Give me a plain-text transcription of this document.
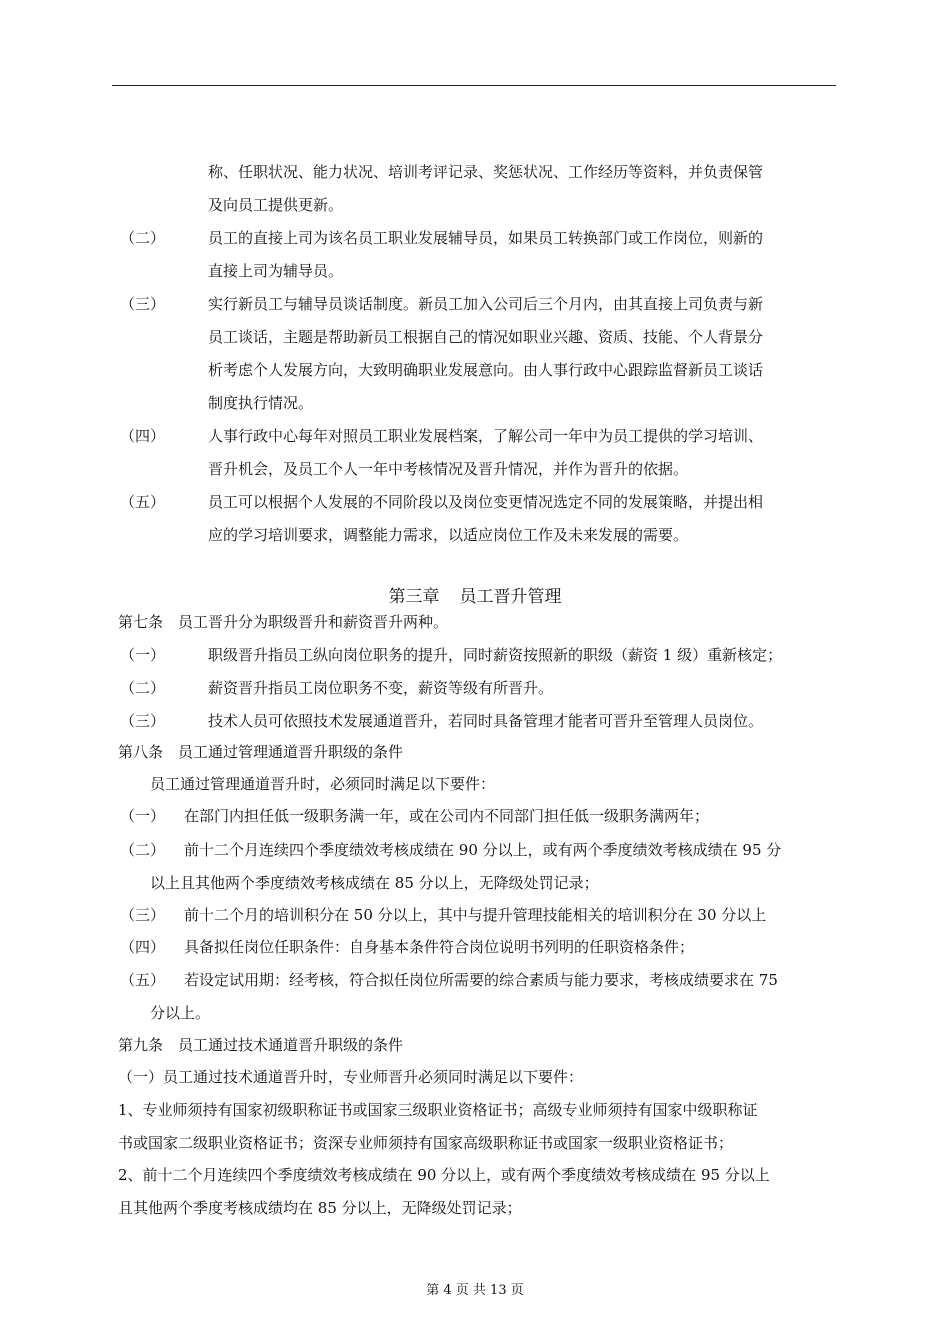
称、任职状况、能力状况、培训考评记录、奖惩状况、工作经历等资料，并负责保管
及向员工提供更新。
（二）	员工的直接上司为该名员工职业发展辅导员，如果员工转换部门或工作岗位，则新的
直接上司为辅导员。
（三）	实行新员工与辅导员谈话制度。新员工加入公司后三个月内，由其直接上司负责与新
员工谈话，主题是帮助新员工根据自己的情况如职业兴趣、资质、技能、个人背景分
析考虑个人发展方向，大致明确职业发展意向。由人事行政中心跟踪监督新员工谈话
制度执行情况。
（四）	人事行政中心每年对照员工职业发展档案，了解公司一年中为员工提供的学习培训、
晋升机会，及员工个人一年中考核情况及晋升情况，并作为晋升的依据。
（五）	员工可以根据个人发展的不同阶段以及岗位变更情况选定不同的发展策略，并提出相
应的学习培训要求，调整能力需求，以适应岗位工作及未来发展的需要。
第三章 员工晋升管理
第七条　员工晋升分为职级晋升和薪资晋升两种。
（一）	职级晋升指员工纵向岗位职务的提升，同时薪资按照新的职级（薪资 1 级）重新核定；
（二）	薪资晋升指员工岗位职务不变，薪资等级有所晋升。
（三）	技术人员可依照技术发展通道晋升，若同时具备管理才能者可晋升至管理人员岗位。
第八条　员工通过管理通道晋升职级的条件
员工通过管理通道晋升时，必须同时满足以下要件：
（一） 在部门内担任低一级职务满一年，或在公司内不同部门担任低一级职务满两年；
（二） 前十二个月连续四个季度绩效考核成绩在 90 分以上，或有两个季度绩效考核成绩在 95 分
以上且其他两个季度绩效考核成绩在 85 分以上，无降级处罚记录；
（三） 前十二个月的培训积分在 50 分以上，其中与提升管理技能相关的培训积分在 30 分以上
（四） 具备拟任岗位任职条件：自身基本条件符合岗位说明书列明的任职资格条件；
（五） 若设定试用期：经考核，符合拟任岗位所需要的综合素质与能力要求，考核成绩要求在 75
分以上。
第九条　员工通过技术通道晋升职级的条件
（一）员工通过技术通道晋升时，专业师晋升必须同时满足以下要件：
1、专业师须持有国家初级职称证书或国家三级职业资格证书；高级专业师须持有国家中级职称证
书或国家二级职业资格证书；资深专业师须持有国家高级职称证书或国家一级职业资格证书；
2、前十二个月连续四个季度绩效考核成绩在 90 分以上，或有两个季度绩效考核成绩在 95 分以上
且其他两个季度考核成绩均在 85 分以上，无降级处罚记录；
第 4 页 共 13 页
